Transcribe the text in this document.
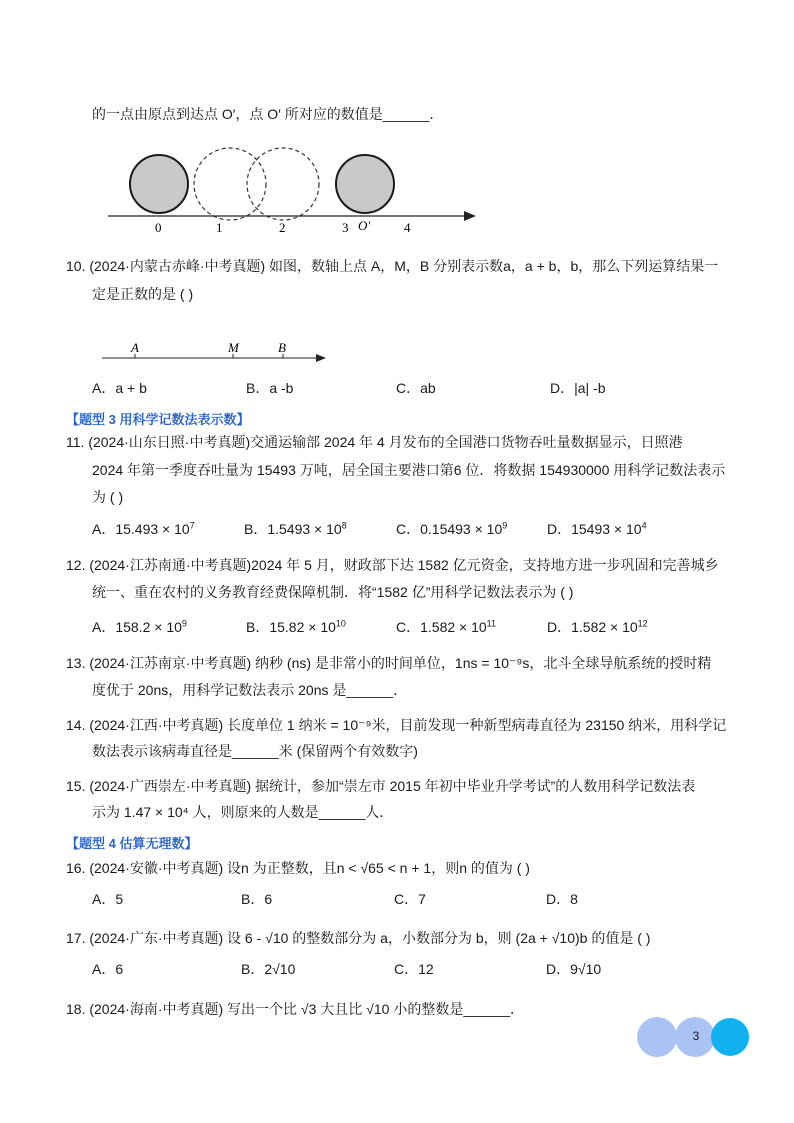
的一点由原点到达点 O′，点 O′ 所对应的数值是______．
0	1	2	3 O′	4
10. (2024·内蒙古赤峰·中考真题) 如图，数轴上点 A，M，B 分别表示数a，a + b，b，那么下列运算结果一
定是正数的是 ( )
A	M	B
A．a + b	B．a -b	C．ab	D．|a| -b
【题型 3 用科学记数法表示数】
11. (2024·山东日照·中考真题)交通运输部 2024 年 4 月发布的全国港口货物吞吐量数据显示，日照港
2024 年第一季度吞吐量为 15493 万吨，居全国主要港口第6 位．将数据 154930000 用科学记数法表示
为 ( )
A．$15.493 \times 10^7$	B．$1.5493 \times 10^8$	C．$0.15493 \times 10^9$	D．$15493 \times 10^4$
12. (2024·江苏南通·中考真题)2024 年 5 月，财政部下达 1582 亿元资金，支持地方进一步巩固和完善城乡
统一、重在农村的义务教育经费保障机制．将“1582 亿”用科学记数法表示为 ( )
A．$158.2 \times 10^9$	B．$15.82 \times 10^{10}$	C．$1.582 \times 10^{11}$	D．$1.582 \times 10^{12}$
13. (2024·江苏南京·中考真题) 纳秒 (ns) 是非常小的时间单位，1ns = 10⁻⁹s，北斗全球导航系统的授时精
度优于 20ns，用科学记数法表示 20ns 是______．
14. (2024·江西·中考真题) 长度单位 1 纳米 = 10⁻⁹米，目前发现一种新型病毒直径为 23150 纳米，用科学记
数法表示该病毒直径是______米 (保留两个有效数字)
15. (2024·广西崇左·中考真题) 据统计，参加“崇左市 2015 年初中毕业升学考试”的人数用科学记数法表
示为 1.47 × 10⁴ 人，则原来的人数是______人．
【题型 4 估算无理数】
16. (2024·安徽·中考真题) 设n 为正整数，且n < √65 < n + 1，则n 的值为 ( )
A．5	B．6	C．7	D．8
17. (2024·广东·中考真题) 设 6 - √10 的整数部分为 a，小数部分为 b，则 (2a + √10)b 的值是 ( )
A．6	B．2√10	C．12	D．9√10
18. (2024·海南·中考真题) 写出一个比 √3 大且比 √10 小的整数是______．
3
